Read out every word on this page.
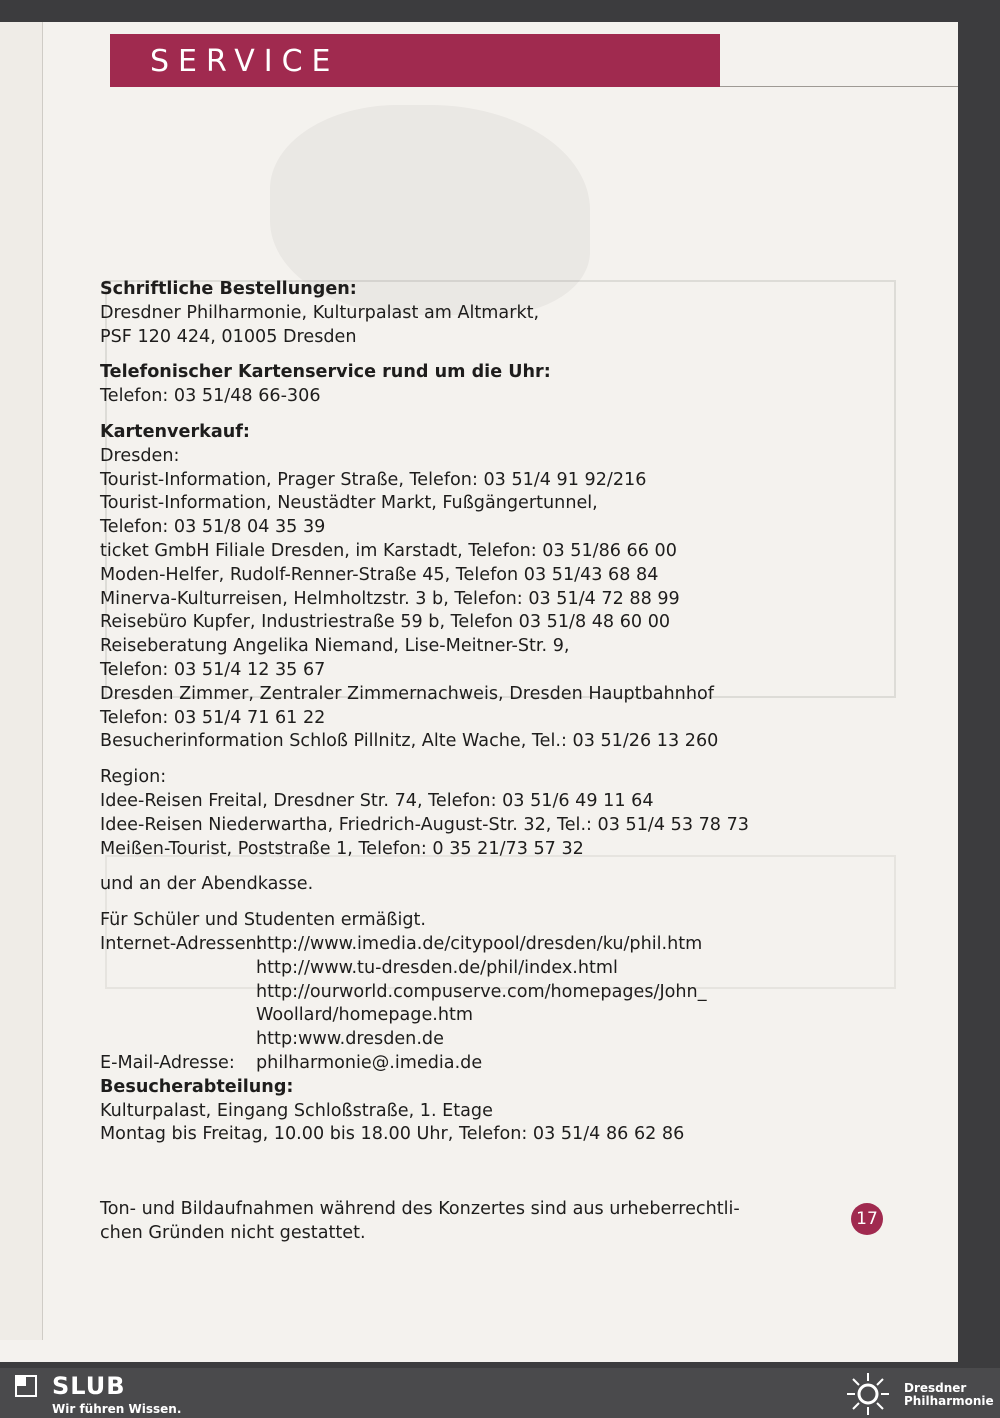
SERVICE

Schriftliche Bestellungen:

Dresdner Philharmonie, Kulturpalast am Altmarkt,

PSF 120 424, 01005 Dresden

Telefonischer Kartenservice rund um die Uhr:

Telefon: 03 51/48 66-306

Kartenverkauf:

Dresden:

Tourist-Information, Prager Straße, Telefon: 03 51/4 91 92/216

Tourist-Information, Neustädter Markt, Fußgängertunnel,

Telefon: 03 51/8 04 35 39

ticket GmbH Filiale Dresden, im Karstadt, Telefon: 03 51/86 66 00

Moden-Helfer, Rudolf-Renner-Straße 45, Telefon 03 51/43 68 84

Minerva-Kulturreisen, Helmholtzstr. 3 b, Telefon: 03 51/4 72 88 99

Reisebüro Kupfer, Industriestraße 59 b, Telefon 03 51/8 48 60 00

Reiseberatung Angelika Niemand, Lise-Meitner-Str. 9,

Telefon: 03 51/4 12 35 67

Dresden Zimmer, Zentraler Zimmernachweis, Dresden Hauptbahnhof

Telefon: 03 51/4 71 61 22

Besucherinformation Schloß Pillnitz, Alte Wache, Tel.: 03 51/26 13 260

Region:

Idee-Reisen Freital, Dresdner Str. 74, Telefon: 03 51/6 49 11 64

Idee-Reisen Niederwartha, Friedrich-August-Str. 32, Tel.: 03 51/4 53 78 73

Meißen-Tourist, Poststraße 1, Telefon: 0 35 21/73 57 32

und an der Abendkasse.

Für Schüler und Studenten ermäßigt.

Internet-Adressen:

http://www.imedia.de/citypool/dresden/ku/phil.htm

http://www.tu-dresden.de/phil/index.html

http://ourworld.compuserve.com/homepages/John_

Woollard/homepage.htm

http:www.dresden.de

E-Mail-Adresse:	philharmonie@.imedia.de

Besucherabteilung:

Kulturpalast, Eingang Schloßstraße, 1. Etage

Montag bis Freitag, 10.00 bis 18.00 Uhr, Telefon: 03 51/4 86 62 86

Ton- und Bildaufnahmen während des Konzertes sind aus urheberrechtli-

chen Gründen nicht gestattet.

17
SLUB
Wir führen Wissen.
Dresdner
Philharmonie
